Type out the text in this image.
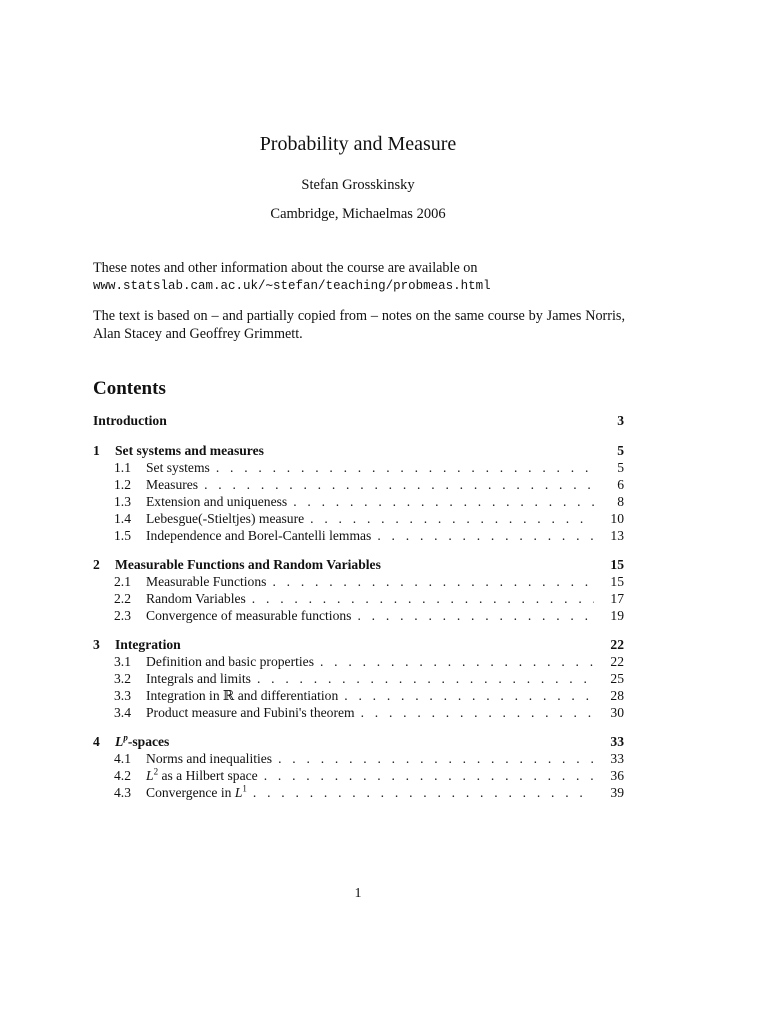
Probability and Measure
Stefan Grosskinsky
Cambridge, Michaelmas 2006
These notes and other information about the course are available on
www.statslab.cam.ac.uk/∼stefan/teaching/probmeas.html
The text is based on – and partially copied from – notes on the same course by James Norris, Alan Stacey and Geoffrey Grimmett.
Contents
Introduction	3
1	Set systems and measures	5
1.1 Set systems . . .	5
1.2 Measures . . .	6
1.3 Extension and uniqueness . . .	8
1.4 Lebesgue(-Stieltjes) measure . . .	10
1.5 Independence and Borel-Cantelli lemmas . . .	13
2	Measurable Functions and Random Variables	15
2.1 Measurable Functions . . .	15
2.2 Random Variables . . .	17
2.3 Convergence of measurable functions . . .	19
3	Integration	22
3.1 Definition and basic properties . . .	22
3.2 Integrals and limits . . .	25
3.3 Integration in ℝ and differentiation . . .	28
3.4 Product measure and Fubini's theorem . . .	30
4	$L^p$-spaces	33
4.1 Norms and inequalities . . .	33
4.2 $L^2$ as a Hilbert space . . .	36
4.3 Convergence in $L^1$ . . .	39
1
